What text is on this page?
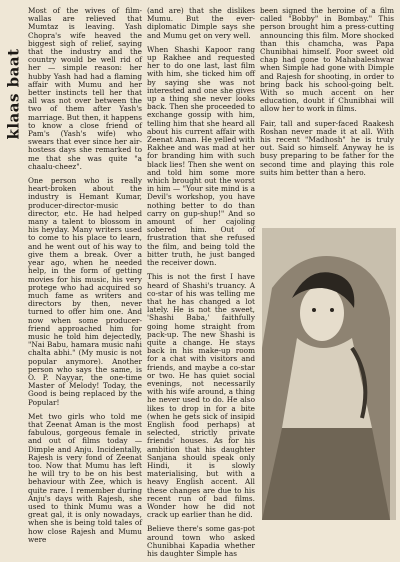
klaas baat

Most of the wives of film-wallas are relieved that Mumtaz is leaving. Yash Chopra's wife heaved the biggest sigh of relief, saying that the industry and the country would be well rid of her — simple reason: her hubby Yash had had a flaming affair with Mumu and her better instincts tell her that all was not over between the two of them after Yash's marriage. But then, it happens to know a close friend of Pam's (Yash's wife) who swears that ever since her air-hostess days she remarked to me that she was quite "a chaalu-cheez".

One person who is really heart-broken about the industry is Hemant Kumar, producer-director-music director, etc. He had helped many a talent to blossom in his heyday. Many writers used to come to his place to learn, and he went out of his way to give them a break. Over a year ago, when he needed help, in the form of getting movies for his music, his very protege who had acquired so much fame as writers and directors by then, never turned to offer him one. And now when some producer-friend approached him for music he told him dejectedly, "Nai Babu, hamara music nahi chalta abhi." (My music is not popular anymore). Another person who says the same, is O. P. Nayyar, the one-time Master of Melody! Today, the Good is being replaced by the Popular!

Met two girls who told me that Zeenat Aman is the most fabulous, gorgeous female in and out of films today — Dimple and Anju. Incidentally, Rajesh is very fond of Zeenat too. Now that Mumu has left he will try to be on his best behaviour with Zee, which is quite rare. I remember during Anju's days with Rajesh, she used to think Mumu was a great gal, it is only nowadays, when she is being told tales of how close Rajesh and Mumu were

(and are) that she dislikes Mumu. But the ever-diplomatic Dimple says she and Mumu get on very well.

When Shashi Kapoor rang up Rakhee and requested her to do one last, last film with him, she ticked him off by saying she was not interested and one she gives up a thing she never looks back. Then she proceeded to exchange gossip with him, telling him that she heard all about his current affair with Zeenat Aman. He yelled with Rakhee and was mad at her for branding him with such black lies! Then she went on and told him some more which brought out the worst in him — "Your site mind is a Devil's workshop, you have nothing better to do than carry on gup-shup!" And so amount of her cajoling sobered him. Out of frustration that she refused the film, and being told the bitter truth, he just banged the receiver down.

This is not the first I have heard of Shashi's truancy. A co-star of his was telling me that he has changed a lot lately. He is not the sweet, 'Shashi Baba,' faithfully going home straight from pack-up. The new Shashi is quite a change. He stays back in his make-up room for a chat with visitors and friends, and maybe a co-star or two. He has quiet social evenings, not necessarily with his wife around, a thing he never used to do. He also likes to drop in for a bite (when he gets sick of insipid English food perhaps) at selected, strictly private friends' houses. As for his ambition that his daughter Sanjana should speak only Hindi, it is slowly materialising, but with a heavy English accent. All these changes are due to his recent run of bad films. Wonder how he did not crack up earlier than he did.

Believe there's some gas-pot around town who asked Chunibhai Kapadia whether his daughter Simple has

been signed the heroine of a film called "Bobby" in Bombay." This person brought him a press-cutting announcing this film. More shocked than this chamcha, was Papa Chunibhai himself. Poor sweet old chap had gone to Mahabaleshwar when Simple had gone with Dimple and Rajesh for shooting, in order to bring back his school-going belt. With so much accent on her education, doubt if Chunibhai will allow her to work in films.

Fair, tall and super-faced Raakesh Roshan never made it at all. With his recent "Madhosh" he is truly out. Said so himself. Anyway he is busy preparing to be father for the second time and playing this role suits him better than a hero.
